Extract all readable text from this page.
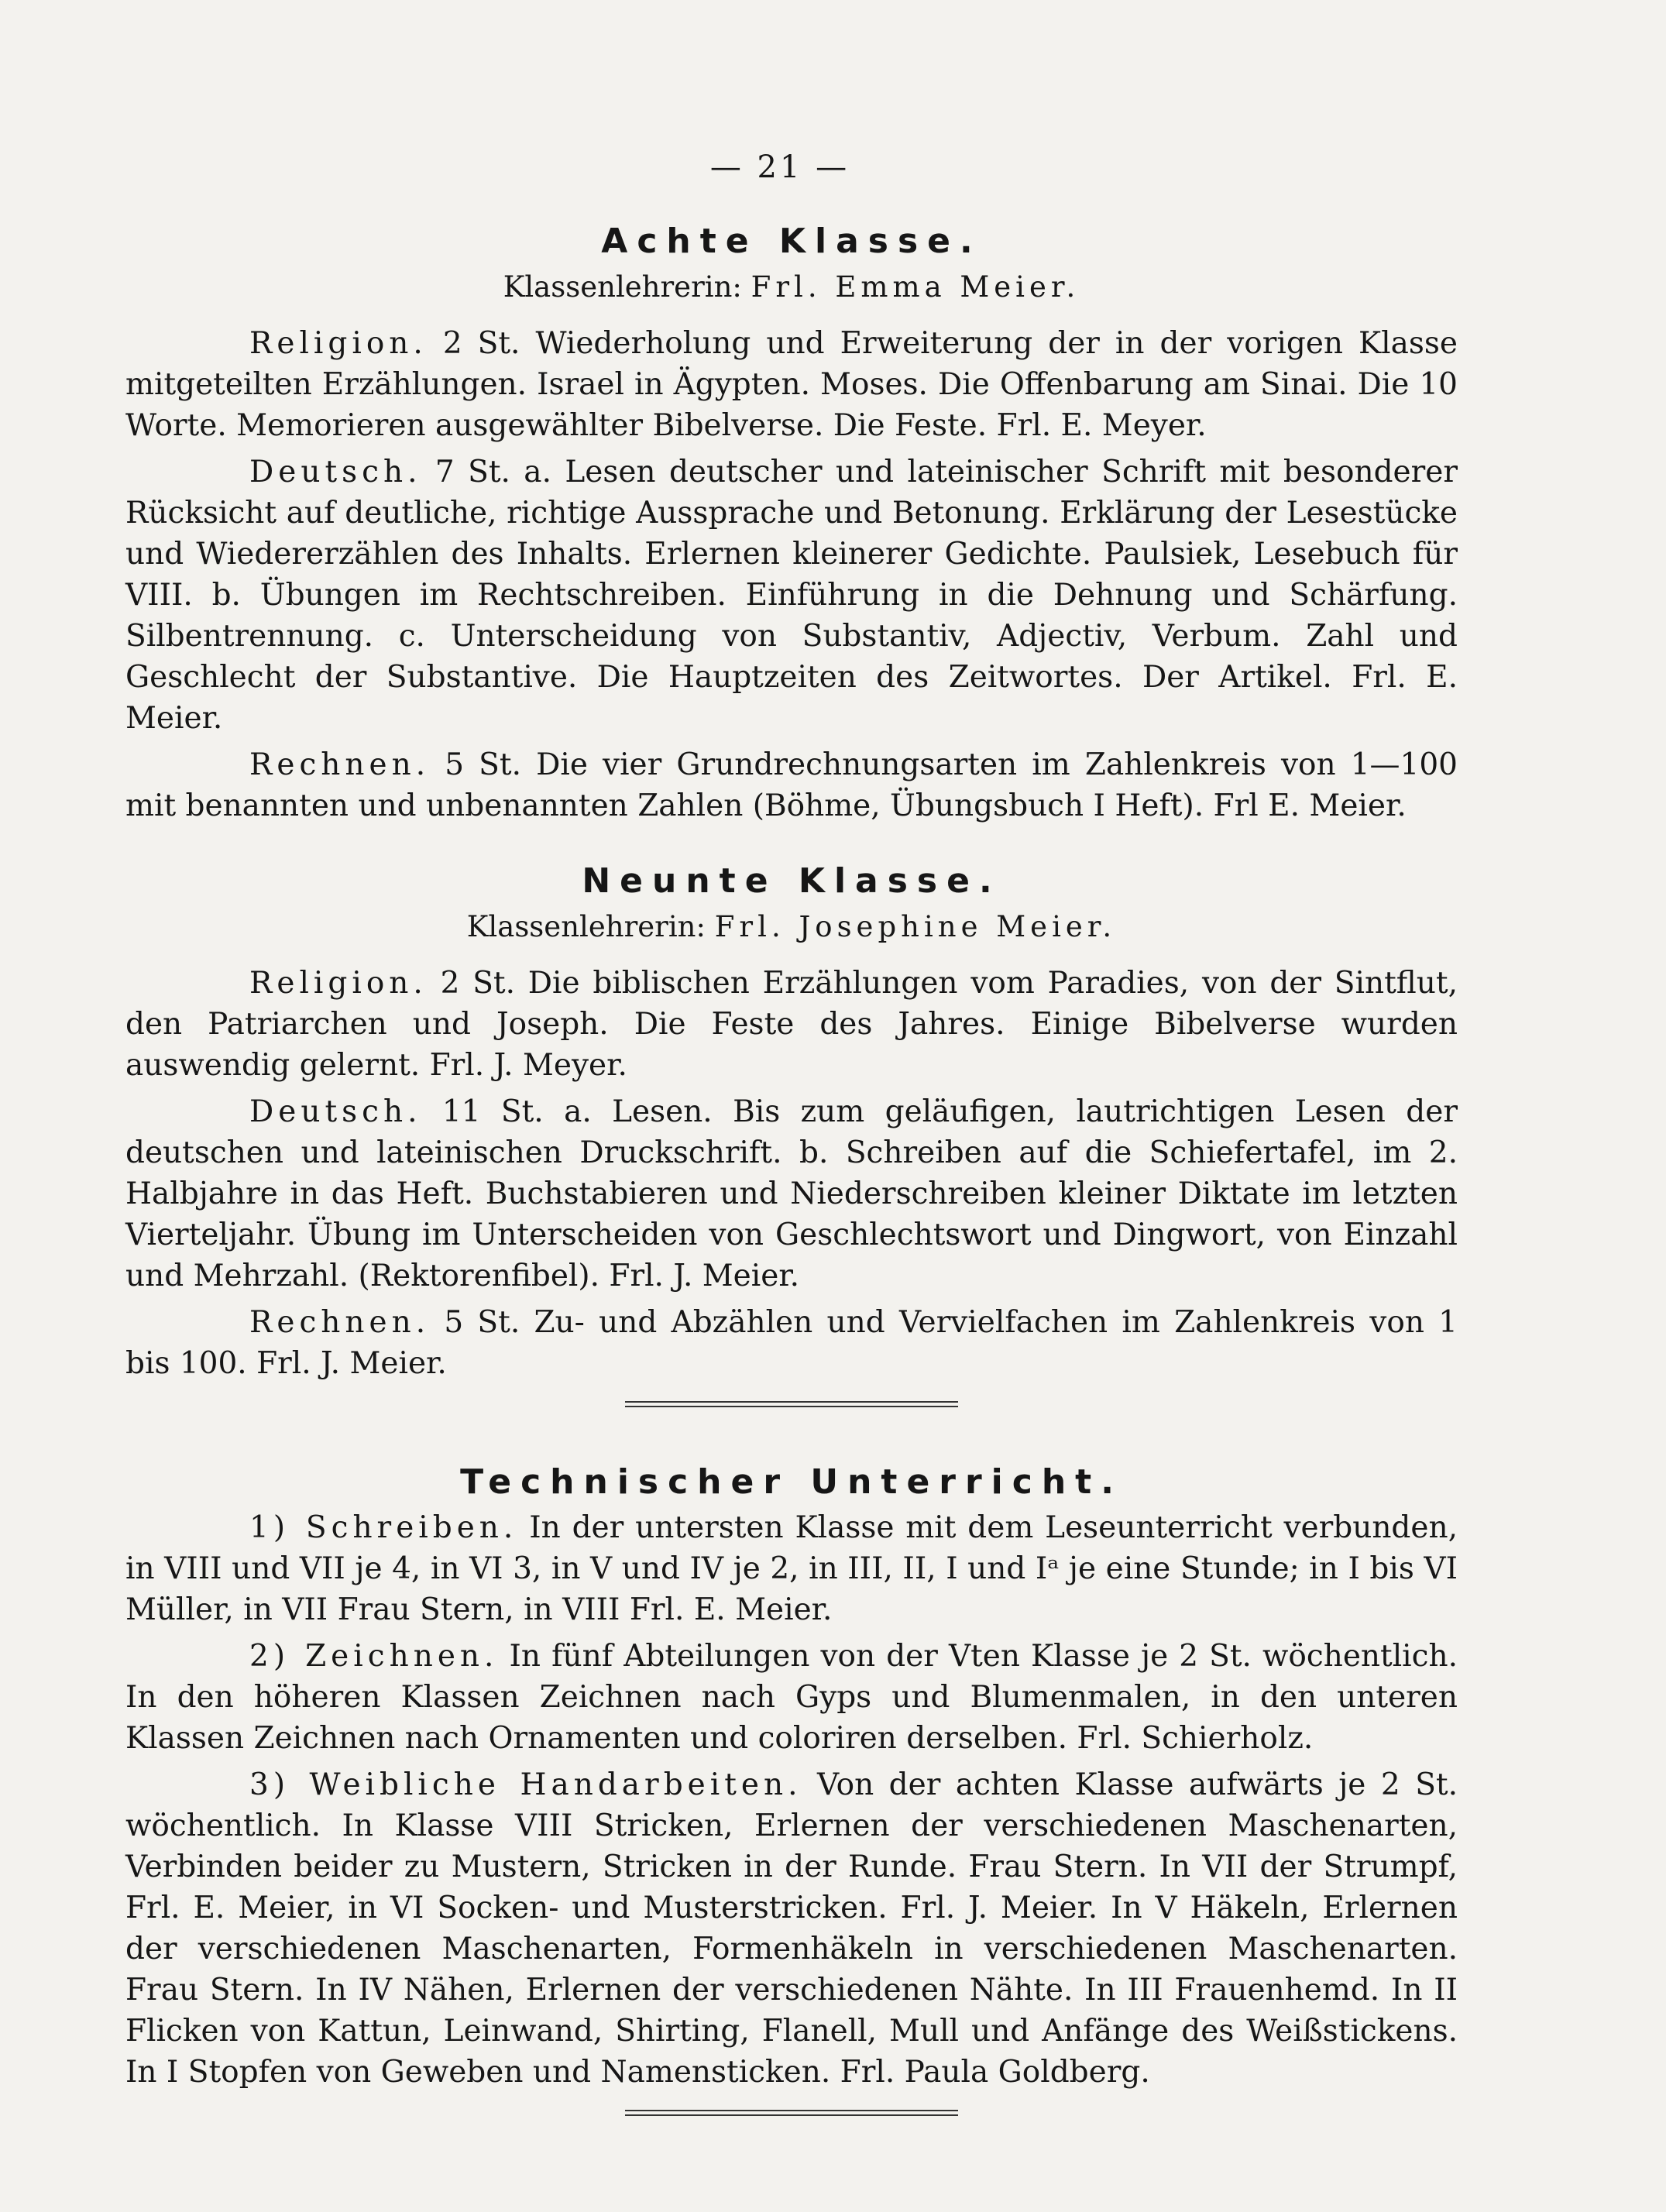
— 21 —
Achte Klasse.
Klassenlehrerin: Frl. Emma Meier.

Religion. 2 St. Wiederholung und Erweiterung der in der vorigen Klasse mitgeteilten Erzählungen. Israel in Ägypten. Moses. Die Offenbarung am Sinai. Die 10 Worte. Memorieren ausgewählter Bibelverse. Die Feste. Frl. E. Meyer.

Deutsch. 7 St. a. Lesen deutscher und lateinischer Schrift mit besonderer Rücksicht auf deutliche, richtige Aussprache und Betonung. Erklärung der Lesestücke und Wiedererzählen des Inhalts. Erlernen kleinerer Gedichte. Paulsiek, Lesebuch für VIII. b. Übungen im Rechtschreiben. Einführung in die Dehnung und Schärfung. Silbentrennung. c. Unterscheidung von Substantiv, Adjectiv, Verbum. Zahl und Geschlecht der Substantive. Die Hauptzeiten des Zeitwortes. Der Artikel. Frl. E. Meier.

Rechnen. 5 St. Die vier Grundrechnungsarten im Zahlenkreis von 1—100 mit benannten und unbenannten Zahlen (Böhme, Übungsbuch I Heft). Frl E. Meier.

Neunte Klasse.
Klassenlehrerin: Frl. Josephine Meier.

Religion. 2 St. Die biblischen Erzählungen vom Paradies, von der Sintflut, den Patriarchen und Joseph. Die Feste des Jahres. Einige Bibelverse wurden auswendig gelernt. Frl. J. Meyer.

Deutsch. 11 St. a. Lesen. Bis zum geläufigen, lautrichtigen Lesen der deutschen und lateinischen Druckschrift. b. Schreiben auf die Schiefertafel, im 2. Halbjahre in das Heft. Buchstabieren und Niederschreiben kleiner Diktate im letzten Vierteljahr. Übung im Unterscheiden von Geschlechtswort und Dingwort, von Einzahl und Mehrzahl. (Rektorenfibel). Frl. J. Meier.

Rechnen. 5 St. Zu- und Abzählen und Vervielfachen im Zahlenkreis von 1 bis 100. Frl. J. Meier.

Technischer Unterricht.

1) Schreiben. In der untersten Klasse mit dem Leseunterricht verbunden, in VIII und VII je 4, in VI 3, in V und IV je 2, in III, II, I und Iᵃ je eine Stunde; in I bis VI Müller, in VII Frau Stern, in VIII Frl. E. Meier.

2) Zeichnen. In fünf Abteilungen von der Vten Klasse je 2 St. wöchentlich. In den höheren Klassen Zeichnen nach Gyps und Blumenmalen, in den unteren Klassen Zeichnen nach Ornamenten und coloriren derselben. Frl. Schierholz.

3) Weibliche Handarbeiten. Von der achten Klasse aufwärts je 2 St. wöchentlich. In Klasse VIII Stricken, Erlernen der verschiedenen Maschenarten, Verbinden beider zu Mustern, Stricken in der Runde. Frau Stern. In VII der Strumpf, Frl. E. Meier, in VI Socken- und Musterstricken. Frl. J. Meier. In V Häkeln, Erlernen der verschiedenen Maschenarten, Formenhäkeln in verschiedenen Maschenarten. Frau Stern. In IV Nähen, Erlernen der verschiedenen Nähte. In III Frauenhemd. In II Flicken von Kattun, Leinwand, Shirting, Flanell, Mull und Anfänge des Weißstickens. In I Stopfen von Geweben und Namensticken. Frl. Paula Goldberg.
